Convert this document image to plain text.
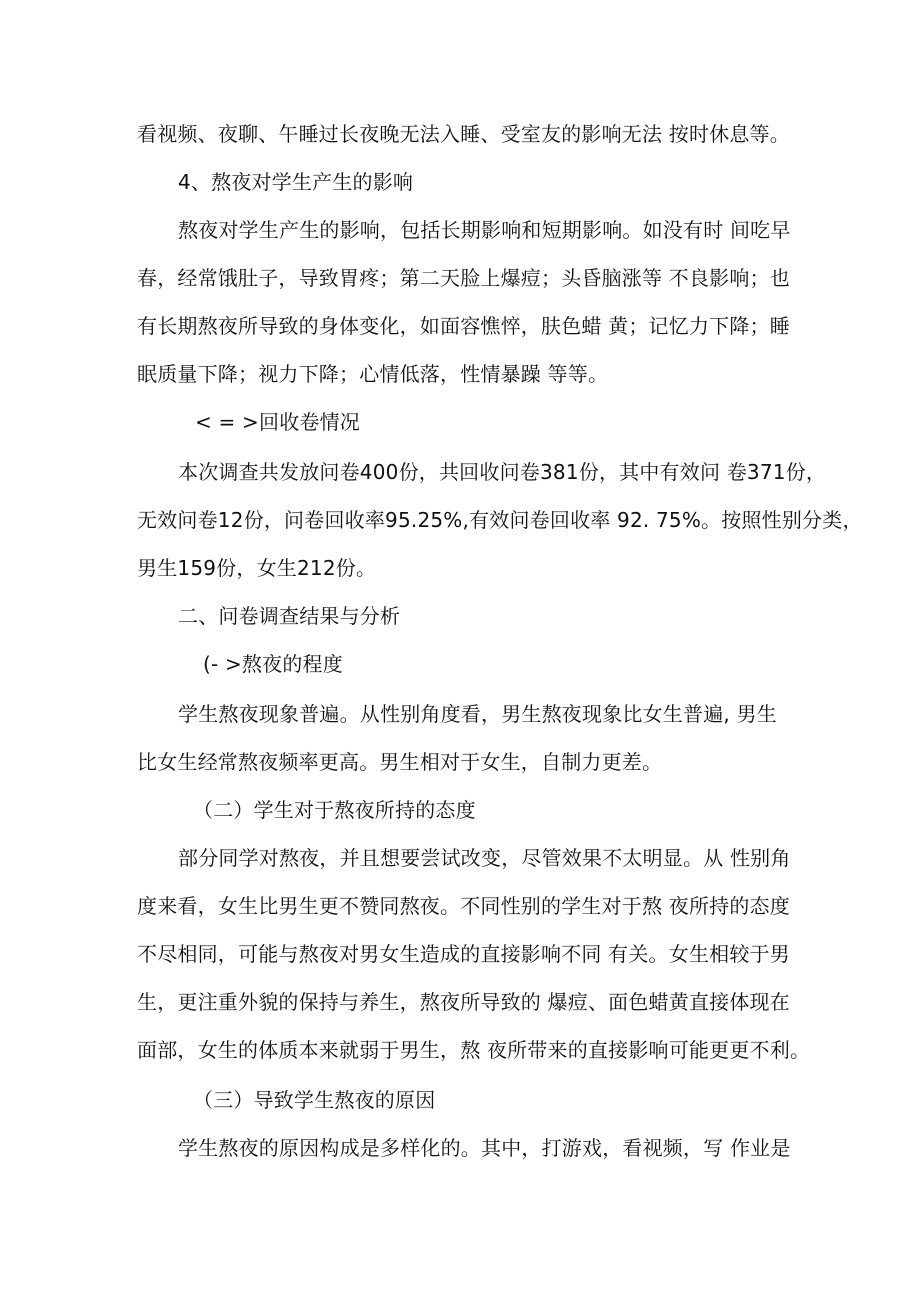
看视频、夜聊、午睡过长夜晚无法入睡、受室友的影响无法 按时休息等。
4、熬夜对学生产生的影响
熬夜对学生产生的影响，包括长期影响和短期影响。如没有时 间吃早
春，经常饿肚子，导致胃疼；第二天脸上爆痘；头昏脑涨等 不良影响；也
有长期熬夜所导致的身体变化，如面容憔悴，肤色蜡 黄；记忆力下降；睡
眠质量下降；视力下降；心情低落，性情暴躁 等等。
< = >回收卷情况
本次调查共发放问卷400份，共回收问卷381份，其中有效问 卷371份，
无效问卷12份，问卷回收率95.25%,有效问卷回收率 92. 75%。按照性别分类，
男生159份，女生212份。
二、问卷调查结果与分析
(- >熬夜的程度
学生熬夜现象普遍。从性别角度看，男生熬夜现象比女生普遍, 男生
比女生经常熬夜频率更高。男生相对于女生，自制力更差。
（二）学生对于熬夜所持的态度
部分同学对熬夜，并且想要尝试改变，尽管效果不太明显。从 性别角
度来看，女生比男生更不赞同熬夜。不同性别的学生对于熬 夜所持的态度
不尽相同，可能与熬夜对男女生造成的直接影响不同 有关。女生相较于男
生，更注重外貌的保持与养生，熬夜所导致的 爆痘、面色蜡黄直接体现在
面部，女生的体质本来就弱于男生，熬 夜所带来的直接影响可能更更不利。
（三）导致学生熬夜的原因
学生熬夜的原因构成是多样化的。其中，打游戏，看视频，写 作业是
